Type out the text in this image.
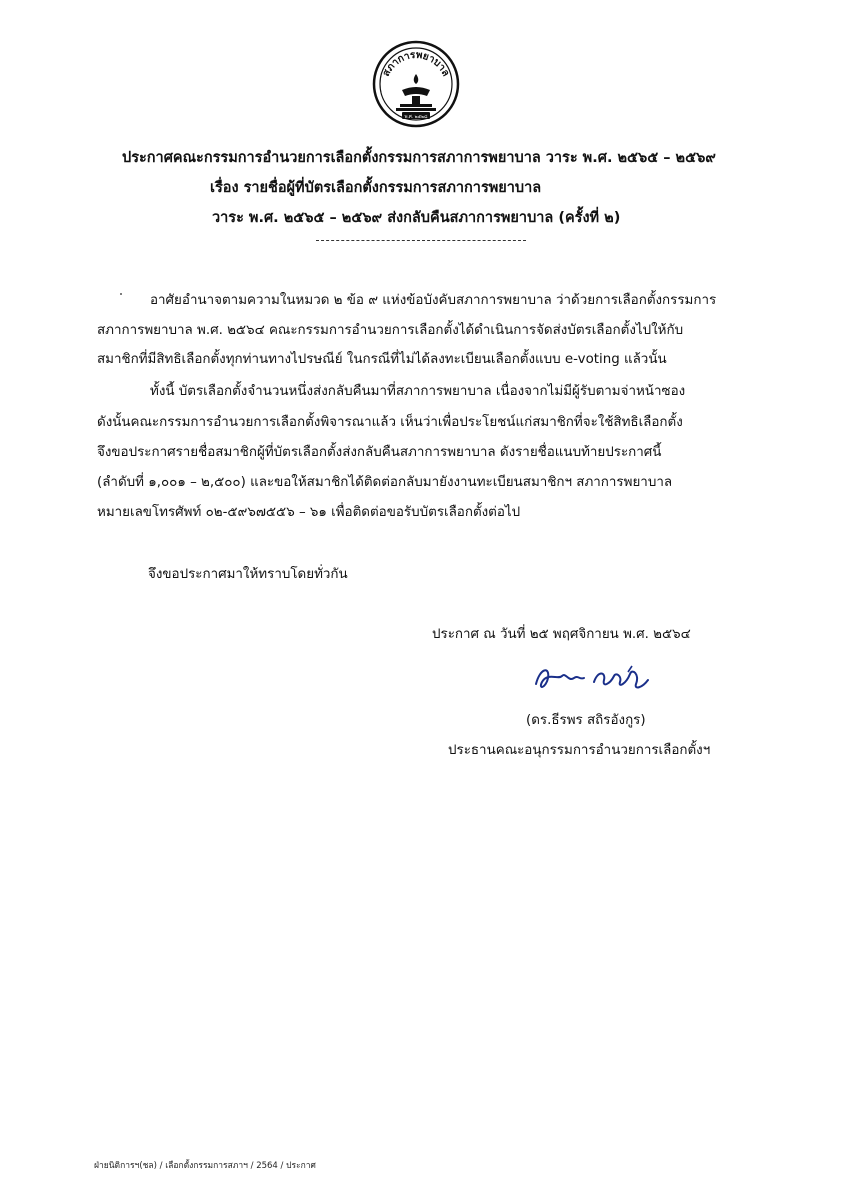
สภาการพยาบาล
พ.ศ. ๒๕๒๘
ประกาศคณะกรรมการอำนวยการเลือกตั้งกรรมการสภาการพยาบาล วาระ พ.ศ. ๒๕๖๕ – ๒๕๖๙
เรื่อง รายชื่อผู้ที่บัตรเลือกตั้งกรรมการสภาการพยาบาล
วาระ พ.ศ. ๒๕๖๕ – ๒๕๖๙ ส่งกลับคืนสภาการพยาบาล (ครั้งที่ ๒)
อาศัยอำนาจตามความในหมวด ๒ ข้อ ๙ แห่งข้อบังคับสภาการพยาบาล ว่าด้วยการเลือกตั้งกรรมการ
สภาการพยาบาล พ.ศ. ๒๕๖๔ คณะกรรมการอำนวยการเลือกตั้งได้ดำเนินการจัดส่งบัตรเลือกตั้งไปให้กับ
สมาชิกที่มีสิทธิเลือกตั้งทุกท่านทางไปรษณีย์ ในกรณีที่ไม่ได้ลงทะเบียนเลือกตั้งแบบ e-voting แล้วนั้น
ทั้งนี้ บัตรเลือกตั้งจำนวนหนึ่งส่งกลับคืนมาที่สภาการพยาบาล เนื่องจากไม่มีผู้รับตามจ่าหน้าซอง
ดังนั้นคณะกรรมการอำนวยการเลือกตั้งพิจารณาแล้ว เห็นว่าเพื่อประโยชน์แก่สมาชิกที่จะใช้สิทธิเลือกตั้ง
จึงขอประกาศรายชื่อสมาชิกผู้ที่บัตรเลือกตั้งส่งกลับคืนสภาการพยาบาล ดังรายชื่อแนบท้ายประกาศนี้
(ลำดับที่ ๑,๐๐๑ – ๒,๕๐๐) และขอให้สมาชิกได้ติดต่อกลับมายังงานทะเบียนสมาชิกฯ สภาการพยาบาล
หมายเลขโทรศัพท์ ๐๒-๕๙๖๗๕๕๖ – ๖๑ เพื่อติดต่อขอรับบัตรเลือกตั้งต่อไป
จึงขอประกาศมาให้ทราบโดยทั่วกัน
ประกาศ ณ วันที่ ๒๕ พฤศจิกายน พ.ศ. ๒๕๖๔
(ดร.ธีรพร สถิรอังกูร)
ประธานคณะอนุกรรมการอำนวยการเลือกตั้งฯ
ฝ่ายนิติการฯ(ชล) / เลือกตั้งกรรมการสภาฯ / 2564 / ประกาศ
